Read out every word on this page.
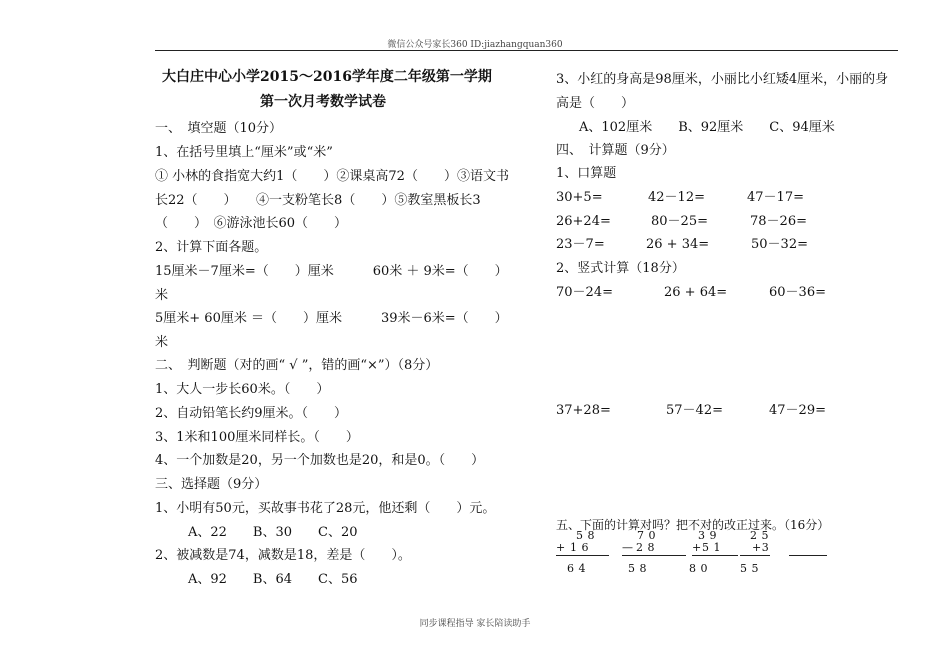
微信公众号家长360 ID:jiazhangquan360
大白庄中心小学2015～2016学年度二年级第一学期
第一次月考数学试卷
一、　填空题（10分）
1、在括号里填上“厘米”或“米”
① 小林的食指宽大约1（　　）②课桌高72（　　）③语文书
长22（　　）　　④一支粉笔长8（　　）⑤教室黑板长3
（　　）　⑥游泳池长60（　　）
2、计算下面各题。
15厘米－7厘米=（　　）厘米　　　60米 ＋ 9米=（　　）
米
5厘米+ 60厘米 ＝（　　）厘米　　　39米－6米=（　　）
米
二、　判断题（对的画“ √ ”，错的画“×”）（8分）
1、大人一步长60米。（　　）
2、自动铅笔长约9厘米。（　　）
3、1米和100厘米同样长。（　　）
4、一个加数是20，另一个加数也是20，和是0。（　　）
三、选择题（9分）
1、小明有50元，买故事书花了28元，他还剩（　　）元。
A、22　　B、30　　C、20
2、被减数是74，减数是18，差是（　　）。
A、92　　B、64　　C、56
3、小红的身高是98厘米，小丽比小红矮4厘米，小丽的身
高是（　　）
A、102厘米　　B、92厘米　　C、94厘米
四、　计算题（9分）
1、口算题
30+5=	42－12=	47－17=
26+24=	80－25=	78－26=
23－7=	26 + 34=	50－32=
2、竖式计算（18分）
70－24=	26 + 64=	60－36=
37+28=	57－42=	47－29=
五、下面的计算对吗？把不对的改正过来。（16分）
5 8
+ 1 6
6 4
7 0
— 2 8
5 8
3 9
+ 5 1
8 0
2 5
+3
5 5
同步课程指导 家长陪读助手
